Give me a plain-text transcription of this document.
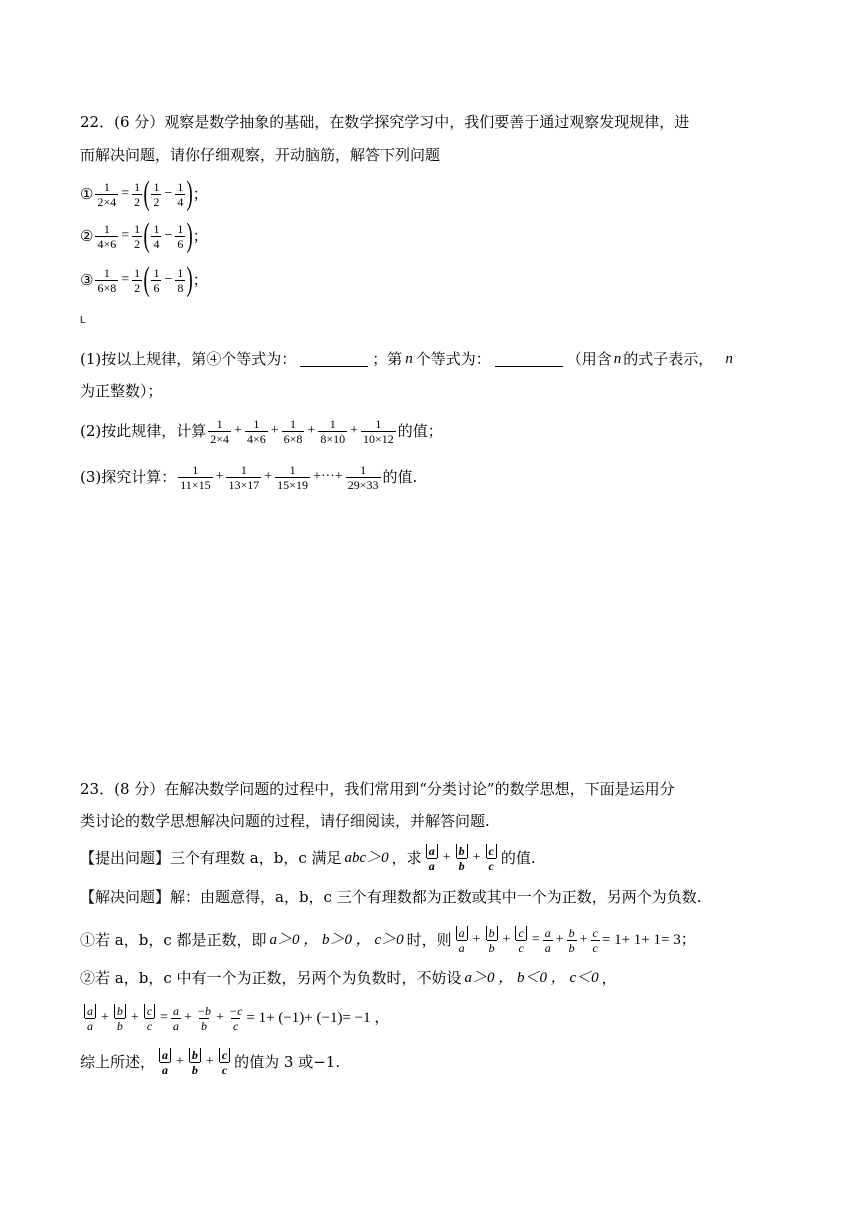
22．(6 分）观察是数学抽象的基础，在数学探究学习中，我们要善于通过观察发现规律，进
而解决问题，请你仔细观察，开动脑筋，解答下列问题
① $\frac{1}{2\times 4} = \frac{1}{2}$ ( $\frac{1}{2} - \frac{1}{4}$ ) ；
② $\frac{1}{4\times 6} = \frac{1}{2}$ ( $\frac{1}{4} - \frac{1}{6}$ ) ；
③ $\frac{1}{6\times 8} = \frac{1}{2}$ ( $\frac{1}{6} - \frac{1}{8}$ ) ；
L
(1)按以上规律，第④个等式为：	；第 n 个等式为：	（用含 n 的式子表示， n
为正整数）；
(2)按此规律，计算 $\frac{1}{2\times 4} + \frac{1}{4\times 6} + \frac{1}{6\times 8} + \frac{1}{8\times 10} + \frac{1}{10\times 12}$ 的值；
(3)探究计算： $\frac{1}{11\times 15} + \frac{1}{13\times 17} + \frac{1}{15\times 19}$ +···+ $\frac{1}{29\times 33}$ 的值.
23．(8 分）在解决数学问题的过程中，我们常用到“分类讨论”的数学思想，下面是运用分
类讨论的数学思想解决问题的过程，请仔细阅读，并解答问题.
【提出问题】 三个有理数 a，b，c 满足 abc＞0 ，求 $\frac{a}{a} + \frac{b}{b} + \frac{c}{c}$ 的值.
【解决问题】 解：由题意得，a，b，c 三个有理数都为正数或其中一个为正数，另两个为负数.
①若 a，b，c 都是正数，即 a＞0 ， b＞0 ， c＞0 时，则 $\frac{a}{a} + \frac{b}{b} + \frac{c}{c} = \frac{a}{a} + \frac{b}{b} + \frac{c}{c} = 1+ 1+ 1= 3$；
②若 a，b，c 中有一个为正数，另两个为负数时，不妨设 a＞0 ， b＜0 ， c＜0 ，
$\frac{a}{a} + \frac{b}{b} + \frac{c}{c} = \frac{a}{a} + \frac{-b}{b} + \frac{-c}{c} = 1+ (-1)+ (-1)= -1$ ，
综上所述， $\frac{a}{a} + \frac{b}{b} + \frac{c}{c}$ 的值为 3 或−1.
